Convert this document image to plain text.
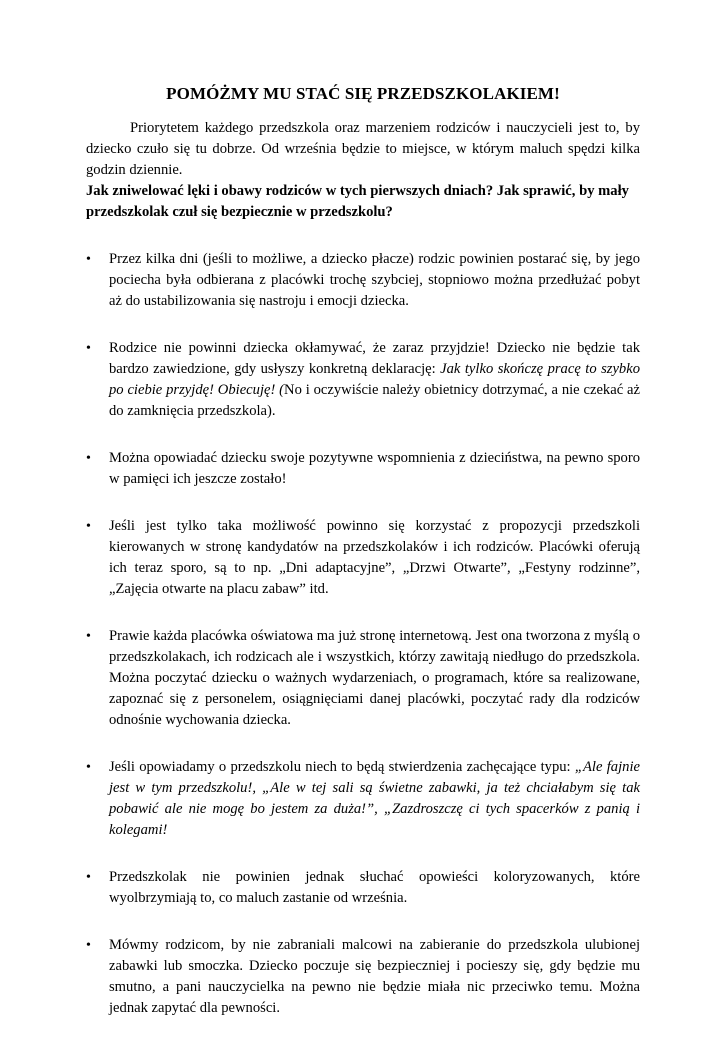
POMÓŻMY MU STAĆ SIĘ PRZEDSZKOLAKIEM!

Priorytetem każdego przedszkola oraz marzeniem rodziców i nauczycieli jest to, by dziecko czuło się tu dobrze. Od września będzie to miejsce, w którym maluch spędzi kilka godzin dziennie.

Jak zniwelować lęki i obawy rodziców w tych pierwszych dniach? Jak sprawić, by mały przedszkolak czuł się bezpiecznie w przedszkolu?

• Przez kilka dni (jeśli to możliwe, a dziecko płacze) rodzic powinien postarać się, by jego pociecha była odbierana z placówki trochę szybciej, stopniowo można przedłużać pobyt aż do ustabilizowania się nastroju i emocji dziecka.
• Rodzice nie powinni dziecka okłamywać, że zaraz przyjdzie! Dziecko nie będzie tak bardzo zawiedzione, gdy usłyszy konkretną deklarację: Jak tylko skończę pracę to szybko po ciebie przyjdę! Obiecuję! (No i oczywiście należy obietnicy dotrzymać, a nie czekać aż do zamknięcia przedszkola).
• Można opowiadać dziecku swoje pozytywne wspomnienia z dzieciństwa, na pewno sporo w pamięci ich jeszcze zostało!
• Jeśli jest tylko taka możliwość powinno się korzystać z propozycji przedszkoli kierowanych w stronę kandydatów na przedszkolaków i ich rodziców. Placówki oferują ich teraz sporo, są to np. „Dni adaptacyjne”, „Drzwi Otwarte”, „Festyny rodzinne”, „Zajęcia otwarte na placu zabaw” itd.
• Prawie każda placówka oświatowa ma już stronę internetową. Jest ona tworzona z myślą o przedszkolakach, ich rodzicach ale i wszystkich, którzy zawitają niedługo do przedszkola. Można poczytać dziecku o ważnych wydarzeniach, o programach, które sa realizowane, zapoznać się z personelem, osiągnięciami danej placówki, poczytać rady dla rodziców odnośnie wychowania dziecka.
• Jeśli opowiadamy o przedszkolu niech to będą stwierdzenia zachęcające typu: „Ale fajnie jest w tym przedszkolu!, „Ale w tej sali są świetne zabawki, ja też chciałabym się tak pobawić ale nie mogę bo jestem za duża!”, „Zazdroszczę ci tych spacerków z panią i kolegami!
• Przedszkolak nie powinien jednak słuchać opowieści koloryzowanych, które wyolbrzymiają to, co maluch zastanie od września.
• Mówmy rodzicom, by nie zabraniali malcowi na zabieranie do przedszkola ulubionej zabawki lub smoczka. Dziecko poczuje się bezpieczniej i pocieszy się, gdy będzie mu smutno, a pani nauczycielka na pewno nie będzie miała nic przeciwko temu. Można jednak zapytać dla pewności.
